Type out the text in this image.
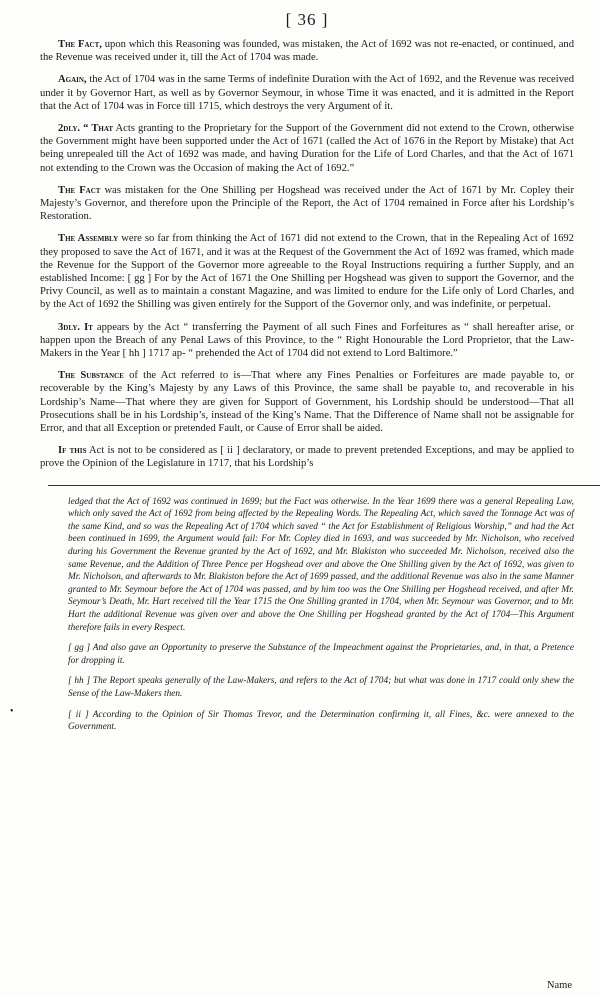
[ 36 ]

The Fact, upon which this Reasoning was founded, was mistaken, the Act of 1692 was not re-enacted, or continued, and the Revenue was received under it, till the Act of 1704 was made.

Again, the Act of 1704 was in the same Terms of indefinite Duration with the Act of 1692, and the Revenue was received under it by Governor Hart, as well as by Governor Seymour, in whose Time it was enacted, and it is admitted in the Report that the Act of 1704 was in Force till 1715, which destroys the very Argument of it.

2dly. “ That Acts granting to the Proprietary for the Support of the Government did not extend to the Crown, otherwise the Government might have been supported under the Act of 1671 (called the Act of 1676 in the Report by Mistake) that Act being unrepealed till the Act of 1692 was made, and having Duration for the Life of Lord Charles, and that the Act of 1671 not extending to the Crown was the Occasion of making the Act of 1692.”

The Fact was mistaken for the One Shilling per Hogshead was received under the Act of 1671 by Mr. Copley their Majesty’s Governor, and therefore upon the Principle of the Report, the Act of 1704 remained in Force after his Lordship’s Restoration.

The Assembly were so far from thinking the Act of 1671 did not extend to the Crown, that in the Repealing Act of 1692 they proposed to save the Act of 1671, and it was at the Request of the Government the Act of 1692 was framed, which made the Revenue for the Support of the Governor more agreeable to the Royal Instructions requiring a further Supply, and an established Income: [ gg ] For by the Act of 1671 the One Shilling per Hogshead was given to support the Governor, and the Privy Council, as well as to maintain a constant Magazine, and was limited to endure for the Life only of Lord Charles, and by the Act of 1692 the Shilling was given entirely for the Support of the Governor only, and was indefinite, or perpetual.

3dly. It appears by the Act “ transferring the Payment of all such Fines and Forfeitures as “ shall hereafter arise, or happen upon the Breach of any Penal Laws of this Province, to the “ Right Honourable the Lord Proprietor, that the Law-Makers in the Year [ hh ] 1717 ap- “ prehended the Act of 1704 did not extend to Lord Baltimore.”

The Substance of the Act referred to is—That where any Fines Penalties or Forfeitures are made payable to, or recoverable by the King’s Majesty by any Laws of this Province, the same shall be payable to, and recoverable in his Lordship’s Name—That where they are given for Support of Government, his Lordship should be understood—That all Prosecutions shall be in his Lordship’s, instead of the King’s Name. That the Difference of Name shall not be assignable for Error, and that all Exception or pretended Fault, or Cause of Error shall be aided.

If this Act is not to be considered as [ ii ] declaratory, or made to prevent pretended Exceptions, and may be applied to prove the Opinion of the Legislature in 1717, that his Lordship’s

ledged that the Act of 1692 was continued in 1699; but the Fact was otherwise. In the Year 1699 there was a general Repealing Law, which only saved the Act of 1692 from being affected by the Repealing Words. The Repealing Act, which saved the Tonnage Act was of the same Kind, and so was the Repealing Act of 1704 which saved “ the Act for Establishment of Religious Worship,” and had the Act been continued in 1699, the Argument would fail: For Mr. Copley died in 1693, and was succeeded by Mr. Nicholson, who received during his Government the Revenue granted by the Act of 1692, and Mr. Blakiston who succeeded Mr. Nicholson, received also the same Revenue, and the Addition of Three Pence per Hogshead over and above the One Shilling given by the Act of 1692, was given to Mr. Nicholson, and afterwards to Mr. Blakiston before the Act of 1699 passed, and the additional Revenue was also in the same Manner granted to Mr. Seymour before the Act of 1704 was passed, and by him too was the One Shilling per Hogshead received, and after Mr. Seymour’s Death, Mr. Hart received till the Year 1715 the One Shilling granted in 1704, when Mr. Seymour was Governor, and to Mr. Hart the additional Revenue was given over and above the One Shilling per Hogshead granted by the Act of 1704—This Argument therefore fails in every Respect.

[ gg ] And also gave an Opportunity to preserve the Substance of the Impeachment against the Proprietaries, and, in that, a Pretence for dropping it.

[ hh ] The Report speaks generally of the Law-Makers, and refers to the Act of 1704; but what was done in 1717 could only shew the Sense of the Law-Makers then.

[ ii ] According to the Opinion of Sir Thomas Trevor, and the Determination confirming it, all Fines, &c. were annexed to the Government.

•
Name
